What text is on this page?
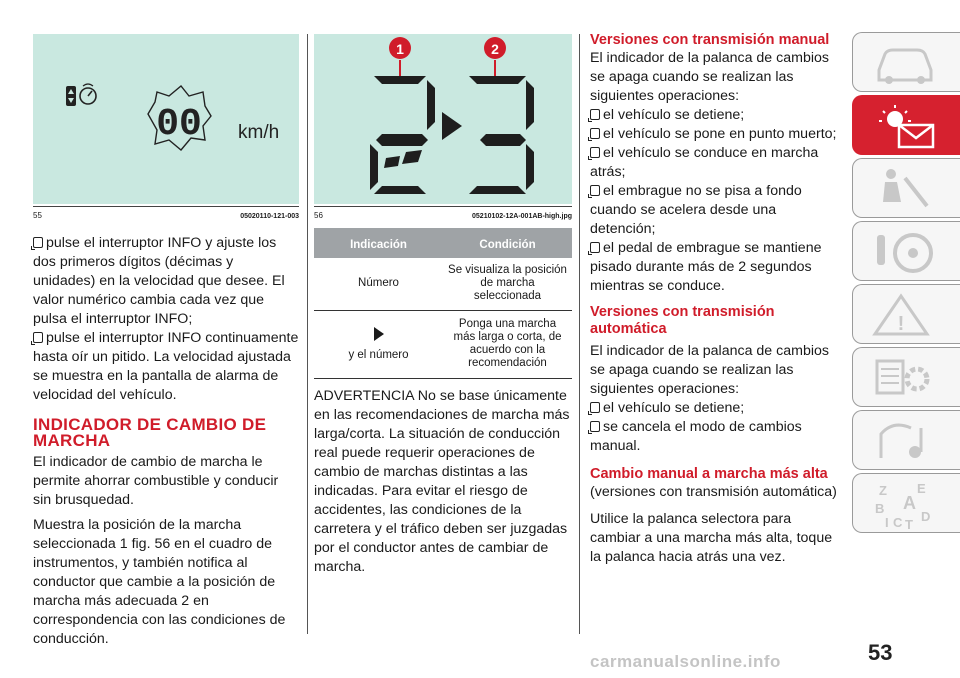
00 km/h
55	05020110-121-003

pulse el interruptor INFO y ajuste los dos primeros dígitos (décimas y unidades) en la velocidad que desee. El valor numérico cambia cada vez que pulsa el interruptor INFO;

pulse el interruptor INFO continuamente hasta oír un pitido. La velocidad ajustada se muestra en la pantalla de alarma de velocidad del vehículo.

INDICADOR DE CAMBIO DE MARCHA

El indicador de cambio de marcha le permite ahorrar combustible y conducir sin brusquedad.

Muestra la posición de la marcha seleccionada 1 fig. 56 en el cuadro de instrumentos, y también notifica al conductor que cambie a la posición de marcha más adecuada 2 en correspondencia con las condiciones de conducción.

1	2
56	05210102-12A-001AB-high.jpg
Indicación	Condición
Número	Se visualiza la posición de marcha seleccionada

y el número	Ponga una marcha más larga o corta, de acuerdo con la recomendación

ADVERTENCIA No se base únicamente en las recomendaciones de marcha más larga/corta. La situación de conducción real puede requerir operaciones de cambio de marchas distintas a las indicadas. Para evitar el riesgo de accidentes, las condiciones de la carretera y el tráfico deben ser juzgadas por el conductor antes de cambiar de marcha.

Versiones con transmisión manual

El indicador de la palanca de cambios se apaga cuando se realizan las siguientes operaciones:

el vehículo se detiene;

el vehículo se pone en punto muerto;

el vehículo se conduce en marcha atrás;

el embrague no se pisa a fondo cuando se acelera desde una detención;

el pedal de embrague se mantiene pisado durante más de 2 segundos mientras se conduce.

Versiones con transmisión automática

El indicador de la palanca de cambios se apaga cuando se realizan las siguientes operaciones:

el vehículo se detiene;

se cancela el modo de cambios manual.

Cambio manual a marcha más alta

(versiones con transmisión automática)

Utilice la palanca selectora para cambiar a una marcha más alta, toque la palanca hacia atrás una vez.

!
Z E
A
B
C D
I T
53
carmanualsonline.info
